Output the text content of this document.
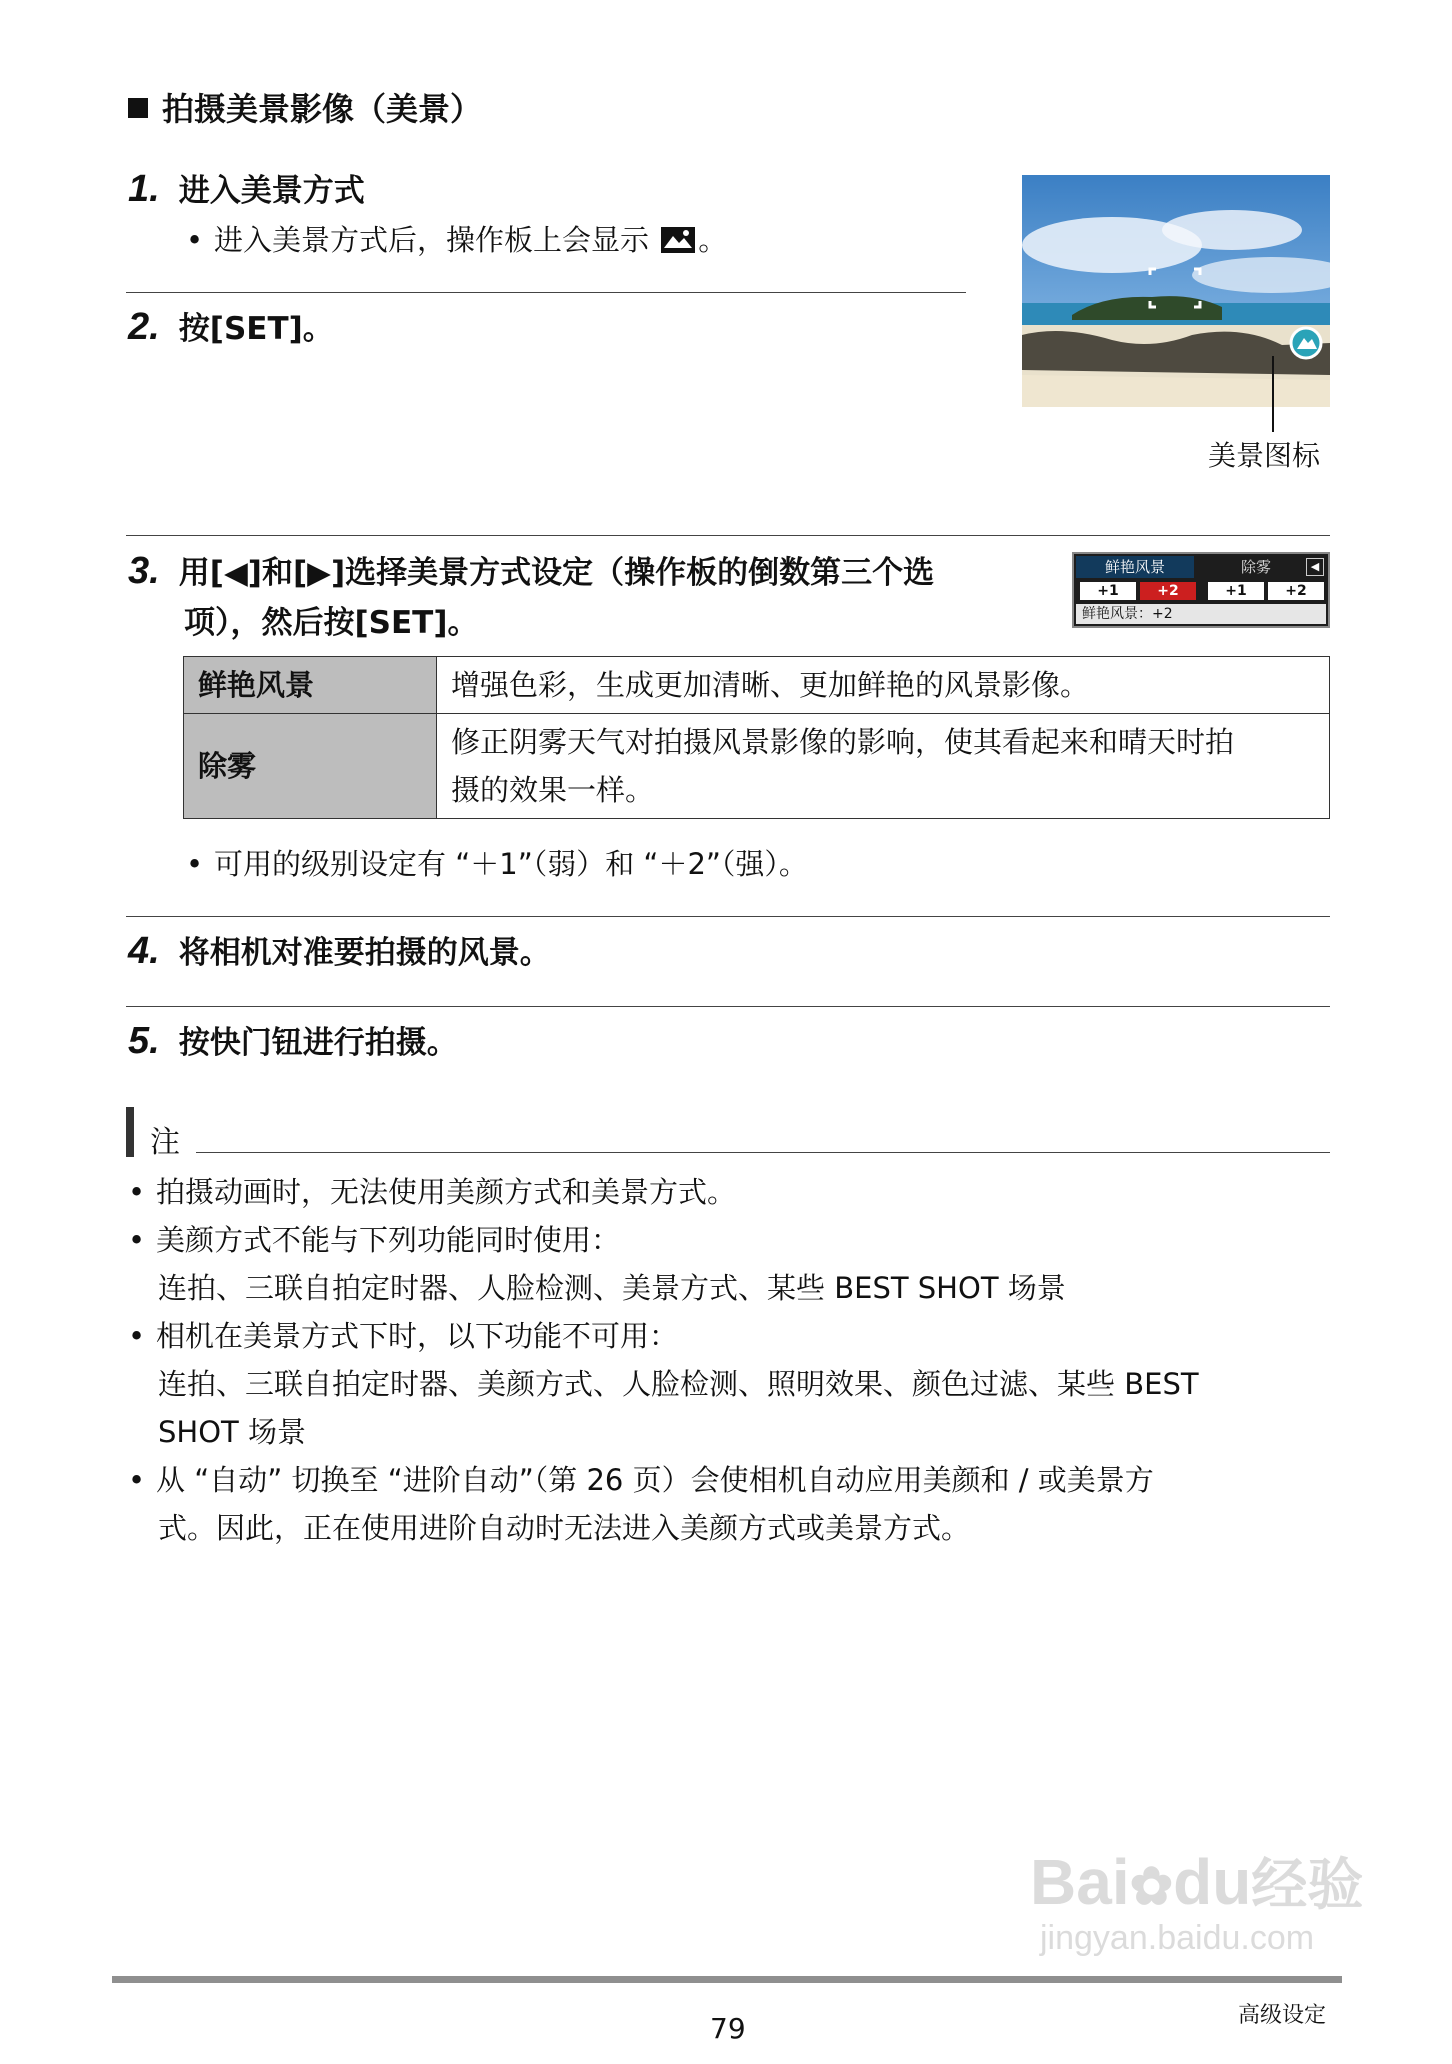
拍摄美景影像（美景）
1. 进入美景方式
• 进入美景方式后，操作板上会显示 。
2. 按[SET]。
美景图标
3. 用[◀]和[▶]选择美景方式设定（操作板的倒数第三个选
项），然后按[SET]。
鲜艳风景	除雾	◀
+1	+2	+1	+2
鲜艳风景：+2
鲜艳风景	增强色彩，生成更加清晰、更加鲜艳的风景影像。
除雾	修正阴雾天气对拍摄风景影像的影响，使其看起来和晴天时拍
摄的效果一样。
• 可用的级别设定有 “＋1”（弱）和 “＋2”（强）。
4. 将相机对准要拍摄的风景。
5. 按快门钮进行拍摄。
注
• 拍摄动画时，无法使用美颜方式和美景方式。
• 美颜方式不能与下列功能同时使用：
连拍、三联自拍定时器、人脸检测、美景方式、某些 BEST SHOT 场景
• 相机在美景方式下时，以下功能不可用：
连拍、三联自拍定时器、美颜方式、人脸检测、照明效果、颜色过滤、某些 BEST
SHOT 场景
• 从 “自动” 切换至 “进阶自动”（第 26 页）会使相机自动应用美颜和 / 或美景方
式。因此，正在使用进阶自动时无法进入美颜方式或美景方式。
Bai✿du经验
jingyan.baidu.com
79	高级设定
